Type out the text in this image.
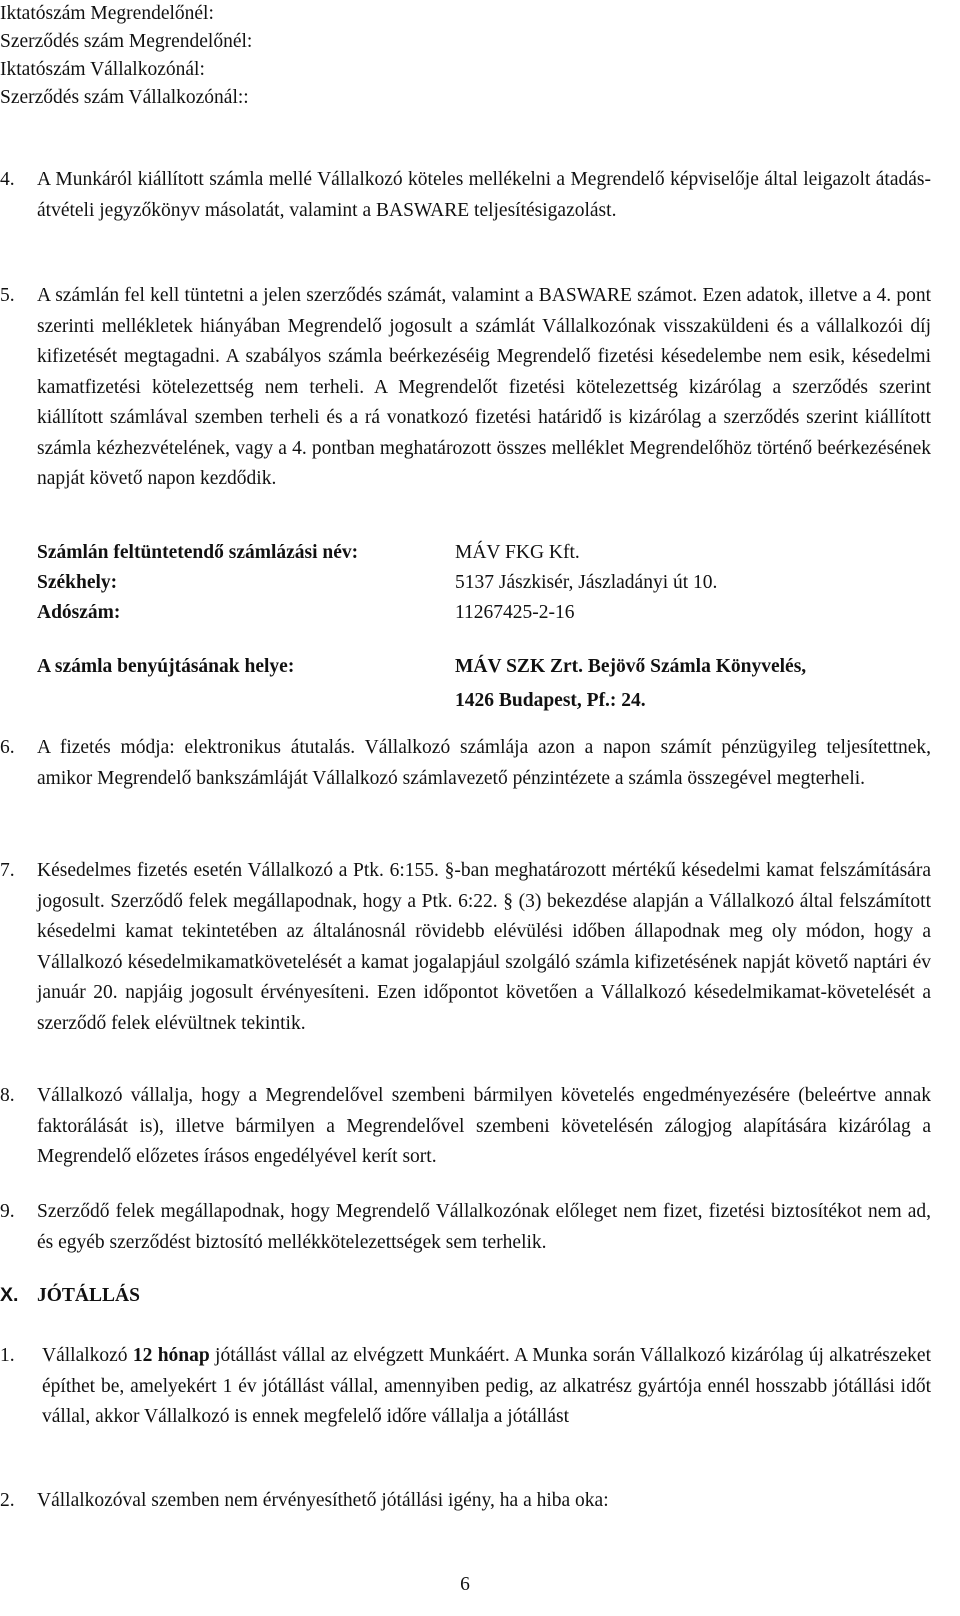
Iktatószám Megrendelőnél:
Szerződés szám Megrendelőnél:
Iktatószám Vállalkozónál:
Szerződés szám Vállalkozónál::
4. A Munkáról kiállított számla mellé Vállalkozó köteles mellékelni a Megrendelő képviselője által leigazolt átadás-átvételi jegyzőkönyv másolatát, valamint a BASWARE teljesítésigazolást.
5. A számlán fel kell tüntetni a jelen szerződés számát, valamint a BASWARE számot. Ezen adatok, illetve a 4. pont szerinti mellékletek hiányában Megrendelő jogosult a számlát Vállalkozónak visszaküldeni és a vállalkozói díj kifizetését megtagadni. A szabályos számla beérkezéséig Megrendelő fizetési késedelembe nem esik, késedelmi kamatfizetési kötelezettség nem terheli. A Megrendelőt fizetési kötelezettség kizárólag a szerződés szerint kiállított számlával szemben terheli és a rá vonatkozó fizetési határidő is kizárólag a szerződés szerint kiállított számla kézhezvételének, vagy a 4. pontban meghatározott összes melléklet Megrendelőhöz történő beérkezésének napját követő napon kezdődik.
Számlán feltüntetendő számlázási név:	MÁV FKG Kft.
Székhely:	5137 Jászkisér, Jászladányi út 10.
Adószám:	11267425-2-16
A számla benyújtásának helye:	MÁV SZK Zrt. Bejövő Számla Könyvelés,
1426 Budapest, Pf.: 24.
6. A fizetés módja: elektronikus átutalás. Vállalkozó számlája azon a napon számít pénzügyileg teljesítettnek, amikor Megrendelő bankszámláját Vállalkozó számlavezető pénzintézete a számla összegével megterheli.
7. Késedelmes fizetés esetén Vállalkozó a Ptk. 6:155. §-ban meghatározott mértékű késedelmi kamat felszámítására jogosult. Szerződő felek megállapodnak, hogy a Ptk. 6:22. § (3) bekezdése alapján a Vállalkozó által felszámított késedelmi kamat tekintetében az általánosnál rövidebb elévülési időben állapodnak meg oly módon, hogy a Vállalkozó késedelmikamatkövetelését a kamat jogalapjául szolgáló számla kifizetésének napját követő naptári év január 20. napjáig jogosult érvényesíteni. Ezen időpontot követően a Vállalkozó késedelmikamat-követelését a szerződő felek elévültnek tekintik.
8. Vállalkozó vállalja, hogy a Megrendelővel szembeni bármilyen követelés engedményezésére (beleértve annak faktorálását is), illetve bármilyen a Megrendelővel szembeni követelésén zálogjog alapítására kizárólag a Megrendelő előzetes írásos engedélyével kerít sort.
9. Szerződő felek megállapodnak, hogy Megrendelő Vállalkozónak előleget nem fizet, fizetési biztosítékot nem ad, és egyéb szerződést biztosító mellékkötelezettségek sem terhelik.
X. JÓTÁLLÁS
1. Vállalkozó 12 hónap jótállást vállal az elvégzett Munkáért. A Munka során Vállalkozó kizárólag új alkatrészeket építhet be, amelyekért 1 év jótállást vállal, amennyiben pedig, az alkatrész gyártója ennél hosszabb jótállási időt vállal, akkor Vállalkozó is ennek megfelelő időre vállalja a jótállást
2. Vállalkozóval szemben nem érvényesíthető jótállási igény, ha a hiba oka:
6
